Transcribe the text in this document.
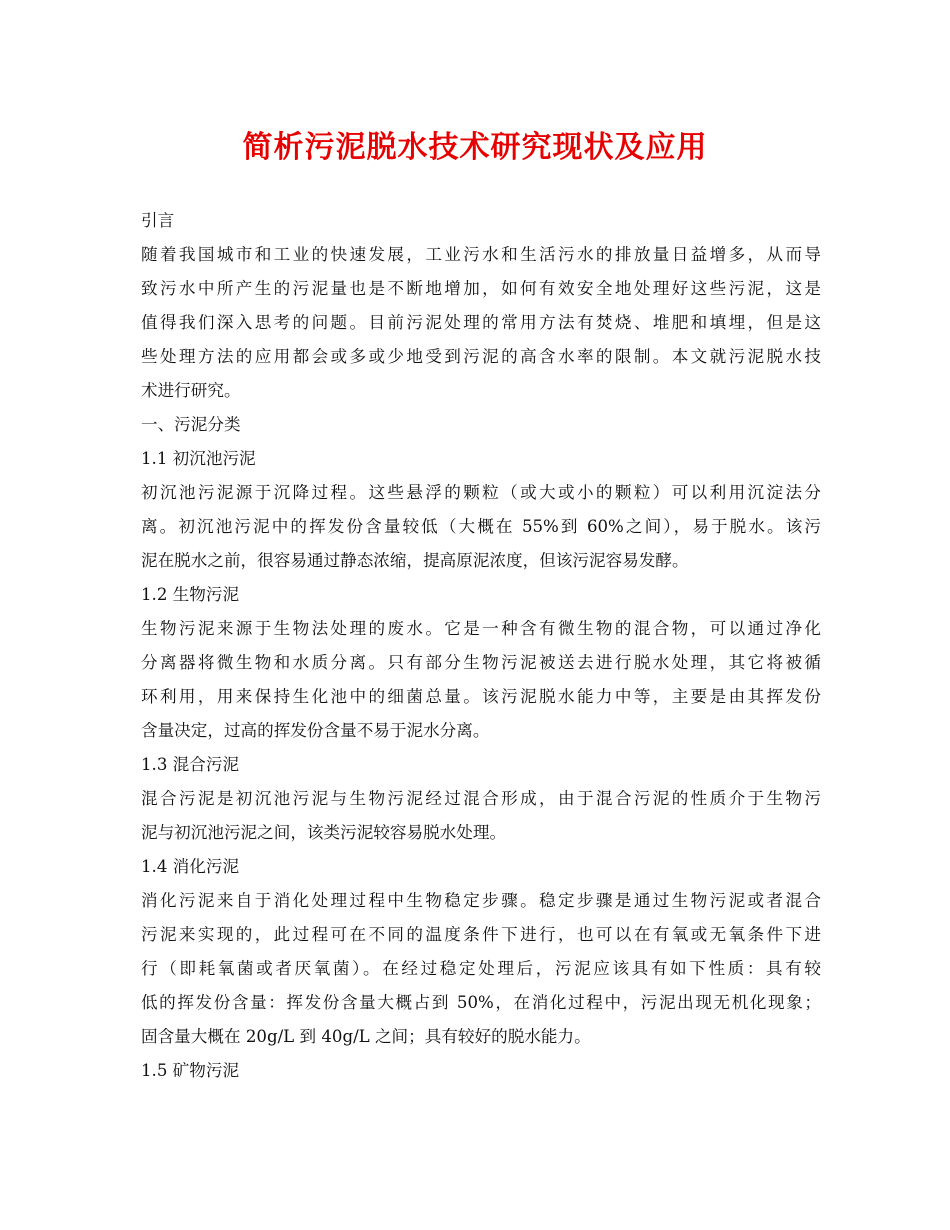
简析污泥脱水技术研究现状及应用
引言
随着我国城市和工业的快速发展，工业污水和生活污水的排放量日益增多，从而导
致污水中所产生的污泥量也是不断地增加，如何有效安全地处理好这些污泥，这是
值得我们深入思考的问题。目前污泥处理的常用方法有焚烧、堆肥和填埋，但是这
些处理方法的应用都会或多或少地受到污泥的高含水率的限制。本文就污泥脱水技
术进行研究。
一、污泥分类
1.1 初沉池污泥
初沉池污泥源于沉降过程。这些悬浮的颗粒（或大或小的颗粒）可以利用沉淀法分
离。初沉池污泥中的挥发份含量较低（大概在 55%到 60%之间），易于脱水。该污
泥在脱水之前，很容易通过静态浓缩，提高原泥浓度，但该污泥容易发酵。
1.2 生物污泥
生物污泥来源于生物法处理的废水。它是一种含有微生物的混合物，可以通过净化
分离器将微生物和水质分离。只有部分生物污泥被送去进行脱水处理，其它将被循
环利用，用来保持生化池中的细菌总量。该污泥脱水能力中等，主要是由其挥发份
含量决定，过高的挥发份含量不易于泥水分离。
1.3 混合污泥
混合污泥是初沉池污泥与生物污泥经过混合形成，由于混合污泥的性质介于生物污
泥与初沉池污泥之间，该类污泥较容易脱水处理。
1.4 消化污泥
消化污泥来自于消化处理过程中生物稳定步骤。稳定步骤是通过生物污泥或者混合
污泥来实现的，此过程可在不同的温度条件下进行，也可以在有氧或无氧条件下进
行（即耗氧菌或者厌氧菌）。在经过稳定处理后，污泥应该具有如下性质：具有较
低的挥发份含量：挥发份含量大概占到 50%，在消化过程中，污泥出现无机化现象；
固含量大概在 20g/L 到 40g/L 之间；具有较好的脱水能力。
1.5 矿物污泥
